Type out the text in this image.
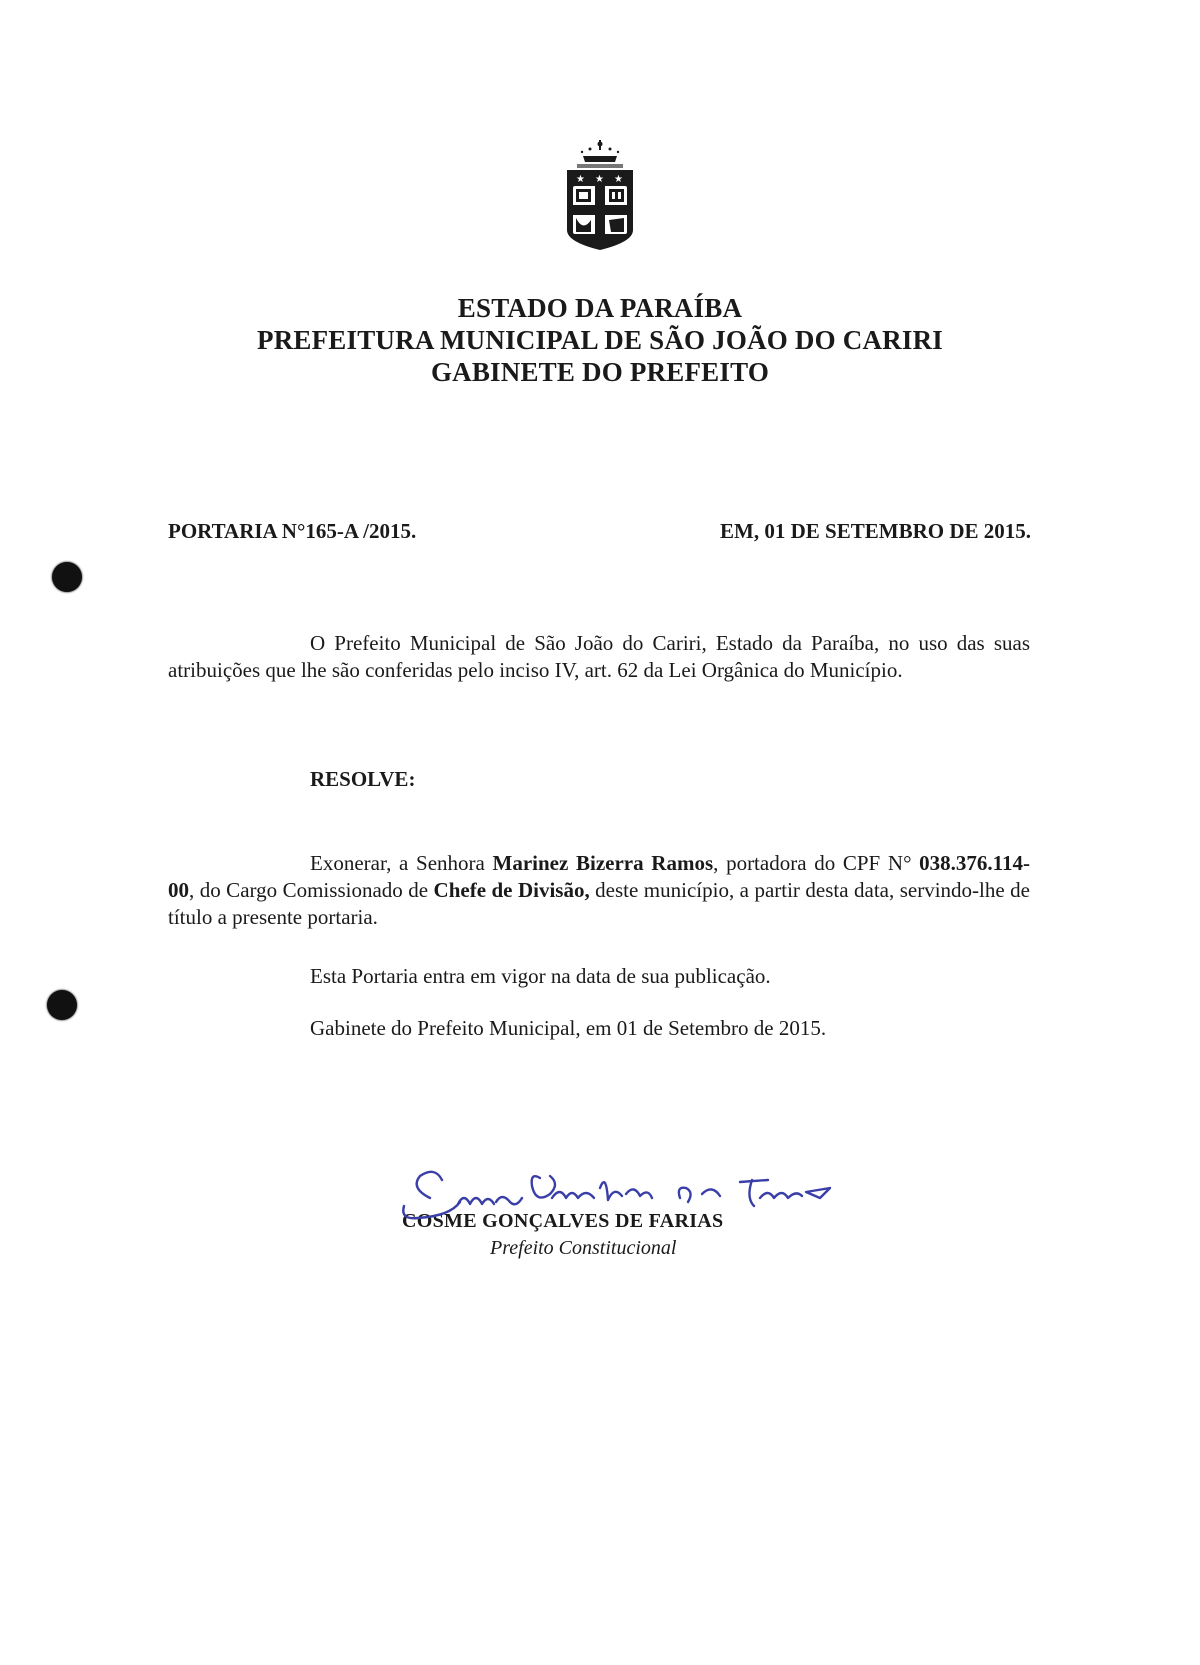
★ ★ ★
ESTADO DA PARAÍBA
PREFEITURA MUNICIPAL DE SÃO JOÃO DO CARIRI
GABINETE DO PREFEITO
PORTARIA N°165-A /2015.	EM, 01 DE SETEMBRO DE 2015.
O Prefeito Municipal de São João do Cariri, Estado da Paraíba, no uso das suas atribuições que lhe são conferidas pelo inciso IV, art. 62 da Lei Orgânica do Município.
RESOLVE:
Exonerar, a Senhora Marinez Bizerra Ramos, portadora do CPF N° 038.376.114-00, do Cargo Comissionado de Chefe de Divisão, deste município, a partir desta data, servindo-lhe de título a presente portaria.
Esta Portaria entra em vigor na data de sua publicação.
Gabinete do Prefeito Municipal, em 01 de Setembro de 2015.
COSME GONÇALVES DE FARIAS
Prefeito Constitucional
